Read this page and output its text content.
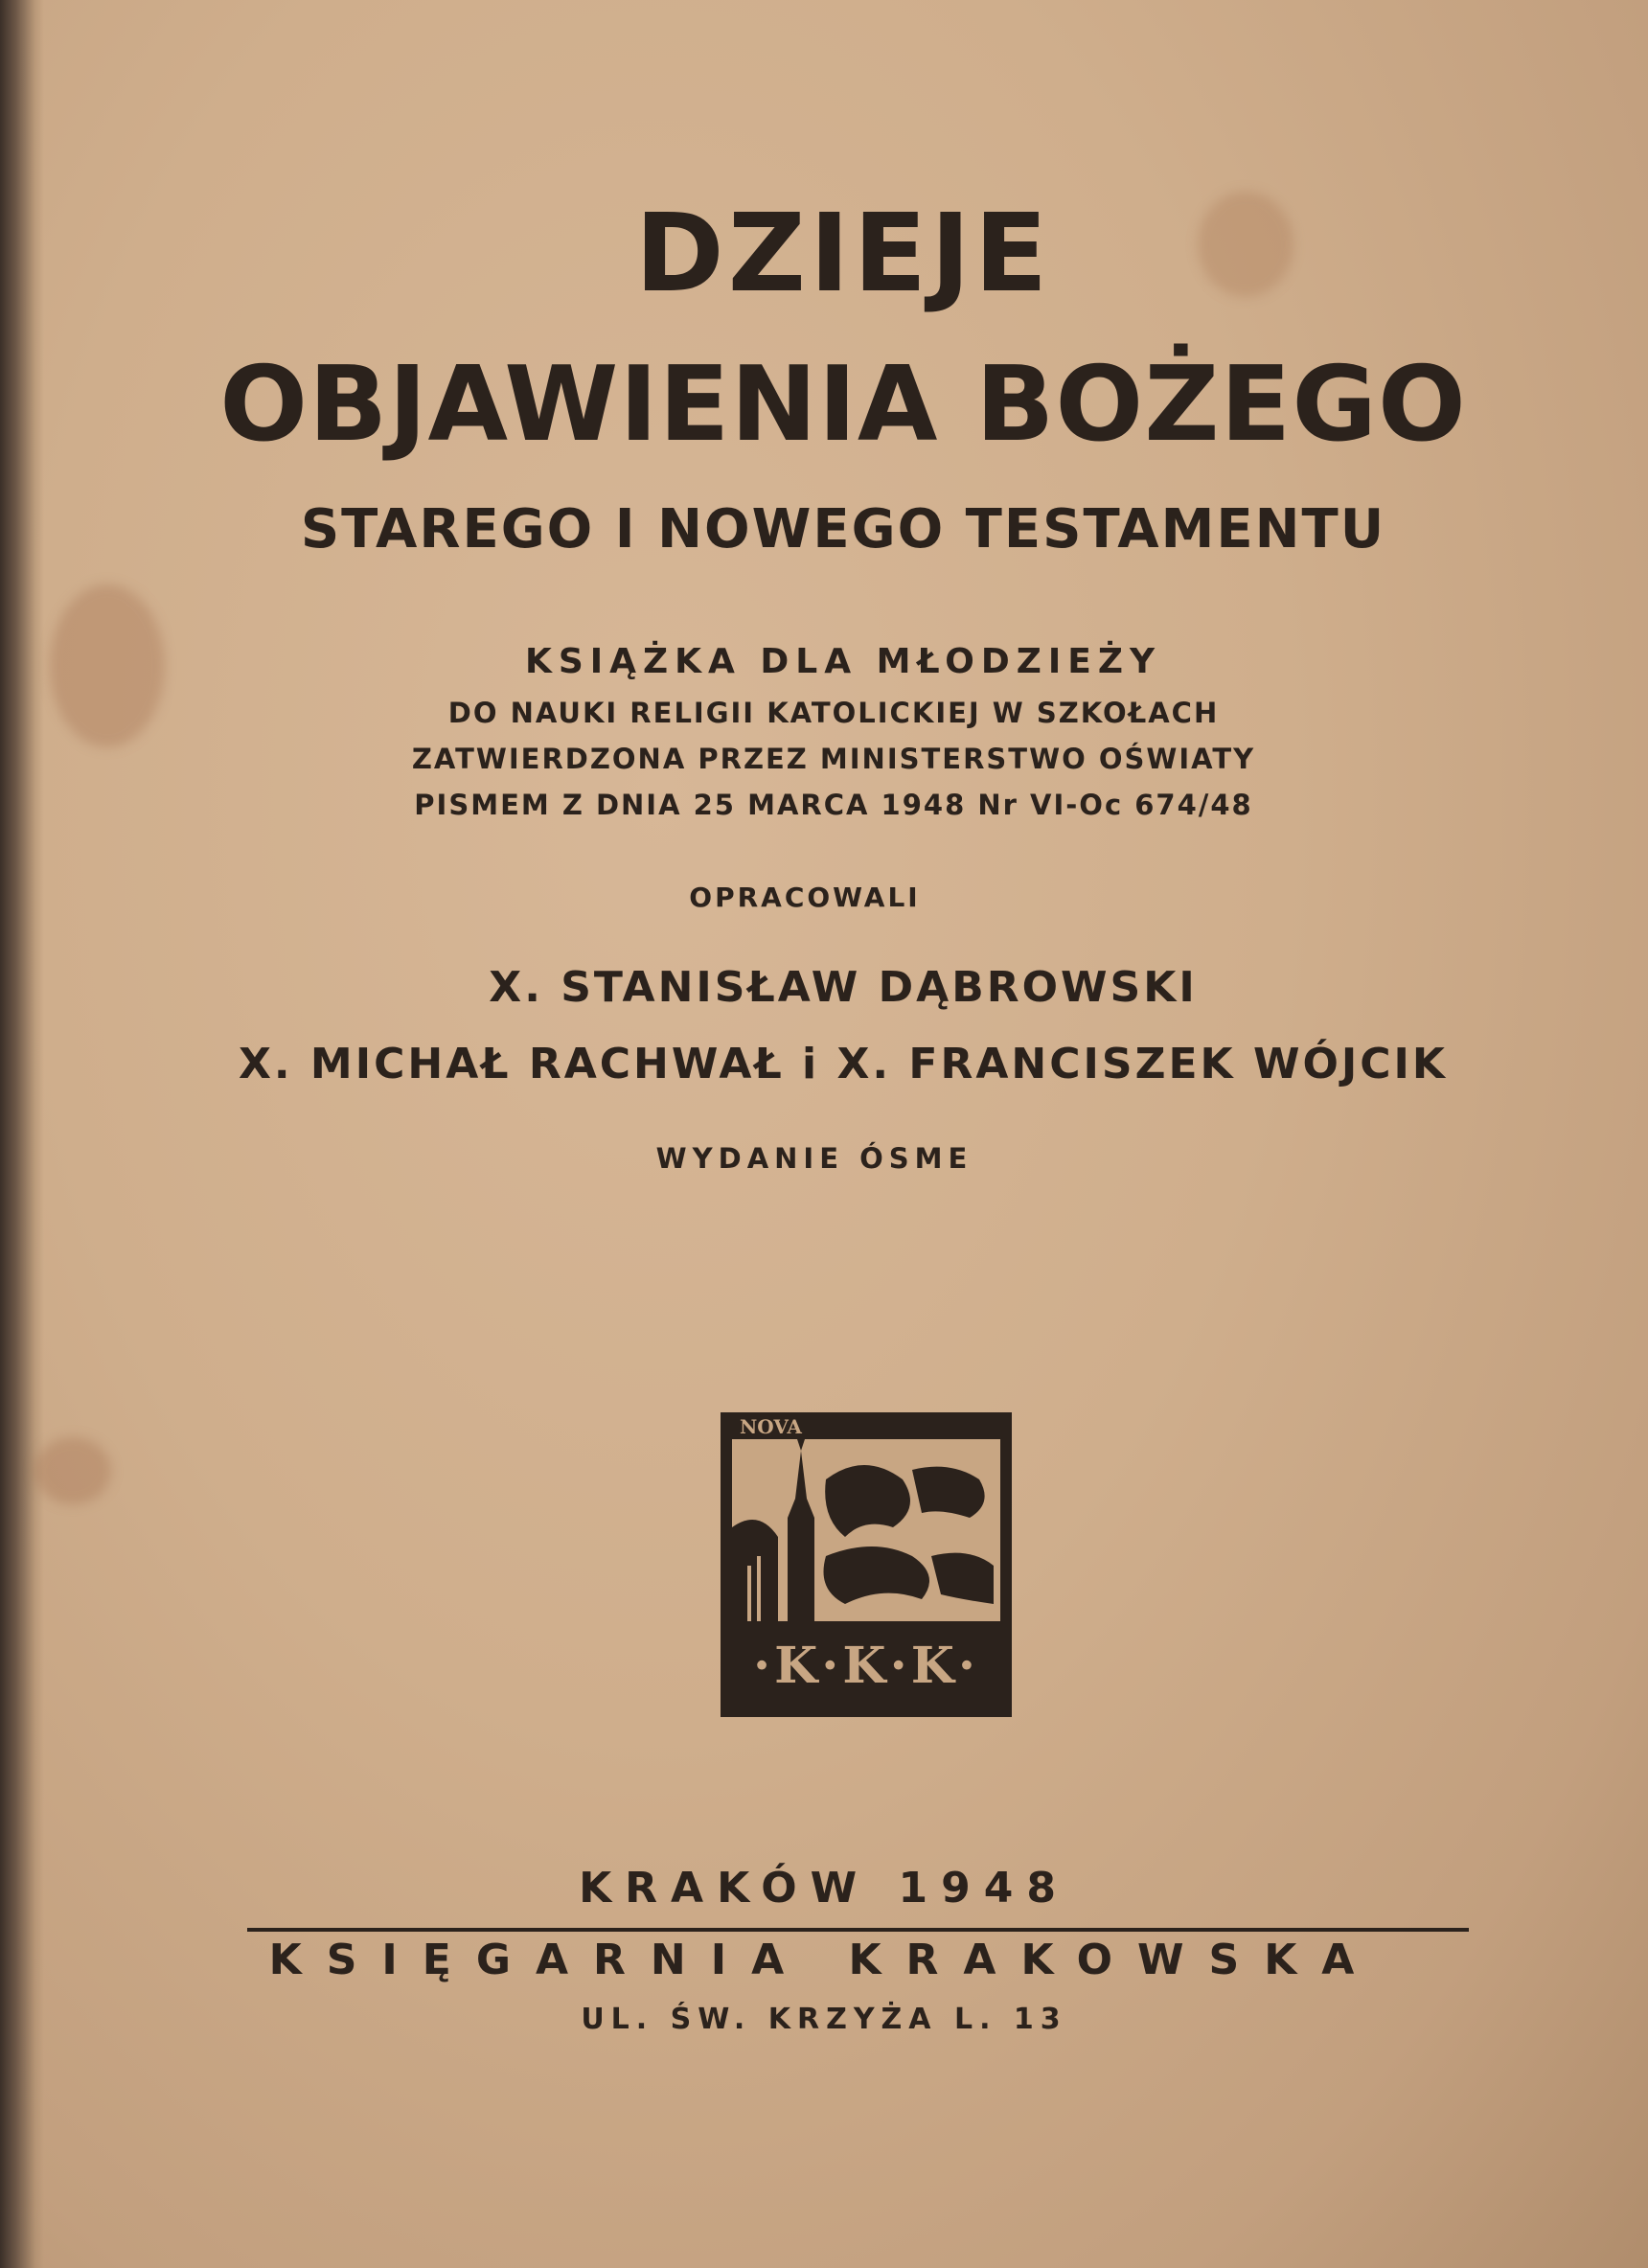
DZIEJE
OBJAWIENIA BOŻEGO
STAREGO I NOWEGO TESTAMENTU
KSIĄŻKA DLA MŁODZIEŻY
DO NAUKI RELIGII KATOLICKIEJ W SZKOŁACH
ZATWIERDZONA PRZEZ MINISTERSTWO OŚWIATY
PISMEM Z DNIA 25 MARCA 1948 Nr VI-Oc 674/48
OPRACOWALI
X. STANISŁAW DĄBROWSKI
X. MICHAŁ RACHWAŁ i X. FRANCISZEK WÓJCIK
WYDANIE ÓSME
NOVA
·K·K·K·
KRAKÓW 1948
KSIĘGARNIA KRAKOWSKA
UL. ŚW. KRZYŻA L. 13
